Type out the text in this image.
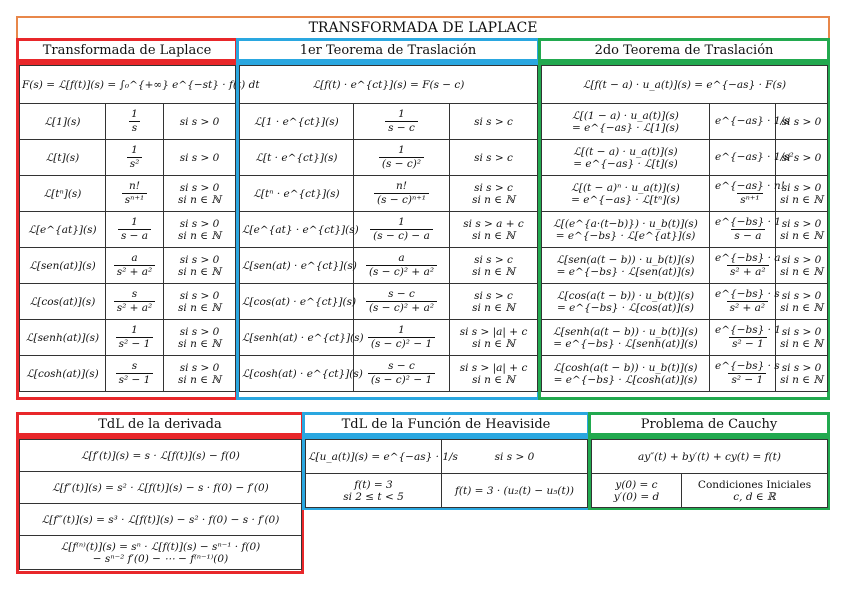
TRANSFORMADA DE LAPLACE
Transformada de Laplace	1er Teorema de Traslación	2do Teorema de Traslación
F(s) = ℒ[f(t)](s) = ∫₀^{+∞} e^{−st} · f(t) dt		
ℒ[1](s)	$\frac{1}{s}$	si s > 0

ℒ[t](s)	$\frac{1}{\text{s²}}$	si s > 0

ℒ[tⁿ](s)	$\frac{n!}{\text{sⁿ⁺¹}}$	si s > 0
si n ∈ ℕ

ℒ[e^{at}](s)	$\frac{1}{s - a}$	si s > 0
si n ∈ ℕ

ℒ[sen(at)](s)	$\frac{a}{\text{s² + a²}}$	si s > 0
si n ∈ ℕ

ℒ[cos(at)](s)	$\frac{s}{\text{s² + a²}}$	si s > 0
si n ∈ ℕ

ℒ[senh(at)](s)	$\frac{1}{\text{s² − 1}}$	si s > 0
si n ∈ ℕ

ℒ[cosh(at)](s)	$\frac{s}{\text{s² − 1}}$	si s > 0
si n ∈ ℕ
ℒ[f(t) · e^{ct}](s) = F(s − c)		
ℒ[1 · e^{ct}](s)	$\frac{1}{s - c}$	si s > c

ℒ[t · e^{ct}](s)	$\frac{1}{\text{(s − c)²}}$	si s > c

ℒ[tⁿ · e^{ct}](s)	$\frac{n!}{\text{(s − c)ⁿ⁺¹}}$	si s > c
si n ∈ ℕ

ℒ[e^{at} · e^{ct}](s)	$\frac{1}{(s - c) - a}$	si s > a + c
si n ∈ ℕ

ℒ[sen(at) · e^{ct}](s)	$\frac{a}{\text{(s − c)² + a²}}$	si s > c
si n ∈ ℕ

ℒ[cos(at) · e^{ct}](s)	$\frac{s - c}{\text{(s − c)² + a²}}$	si s > c
si n ∈ ℕ

ℒ[senh(at) · e^{ct}](s)	$\frac{1}{\text{(s − c)² − 1}}$	si s > |a| + c
si n ∈ ℕ

ℒ[cosh(at) · e^{ct}](s)	$\frac{s - c}{\text{(s − c)² − 1}}$	si s > |a| + c
si n ∈ ℕ
ℒ[f(t − a) · u_a(t)](s) = e^{−as} · F(s)		

ℒ[(1 − a) · u_a(t)](s)
= e^{−as} · ℒ[1](s)	e^{−as} · 1/s	si s > 0

ℒ[(t − a) · u_a(t)](s)
= e^{−as} · ℒ[t](s)	e^{−as} · 1/s²	si s > 0

ℒ[(t − a)ⁿ · u_a(t)](s)
= e^{−as} · ℒ[tⁿ](s)	$\frac{e\^{}\{-as\} \cdot n!}{\text{sⁿ⁺¹}}$	si s > 0
si n ∈ ℕ

ℒ[(e^{a·(t−b)}) · u_b(t)](s)
= e^{−bs} · ℒ[e^{at}](s)	$\frac{e\^{}\{-bs\} \cdot 1}{s - a}$	si s > 0
si n ∈ ℕ

ℒ[sen(a(t − b)) · u_b(t)](s)
= e^{−bs} · ℒ[sen(at)](s)	$\frac{e\^{}\{-bs\} \cdot a}{\text{s² + a²}}$	si s > 0
si n ∈ ℕ

ℒ[cos(a(t − b)) · u_b(t)](s)
= e^{−bs} · ℒ[cos(at)](s)	$\frac{e\^{}\{-bs\} \cdot s}{\text{s² + a²}}$	si s > 0
si n ∈ ℕ

ℒ[senh(a(t − b)) · u_b(t)](s)
= e^{−bs} · ℒ[senh(at)](s)	$\frac{e\^{}\{-bs\} \cdot 1}{\text{s² − 1}}$	si s > 0
si n ∈ ℕ

ℒ[cosh(a(t − b)) · u_b(t)](s)
= e^{−bs} · ℒ[cosh(at)](s)	$\frac{e\^{}\{-bs\} \cdot s}{\text{s² − 1}}$	si s > 0
si n ∈ ℕ
TdL de la derivada	TdL de la Función de Heaviside	Problema de Cauchy
ℒ[f′(t)](s) = s · ℒ[f(t)](s) − f(0)

ℒ[f″(t)](s) = s² · ℒ[f(t)](s) − s · f(0) − f′(0)

ℒ[f‴(t)](s) = s³ · ℒ[f(t)](s) − s² · f(0) − s · f′(0)

ℒ[f⁽ⁿ⁾(t)](s) = sⁿ · ℒ[f(t)](s) − sⁿ⁻¹ · f(0)
− sⁿ⁻² f′(0) − ⋯ − f⁽ⁿ⁻¹⁾(0)
ℒ[u_a(t)](s) = e^{−as} · 1/s	si s > 0

f(t) = 3
si 2 ≤ t < 5	f(t) = 3 · (u₂(t) − u₅(t))
ay″(t) + by′(t) + cy(t) = f(t)

y(0) = c
y′(0) = d

Condiciones Iniciales
c, d ∈ ℝ
